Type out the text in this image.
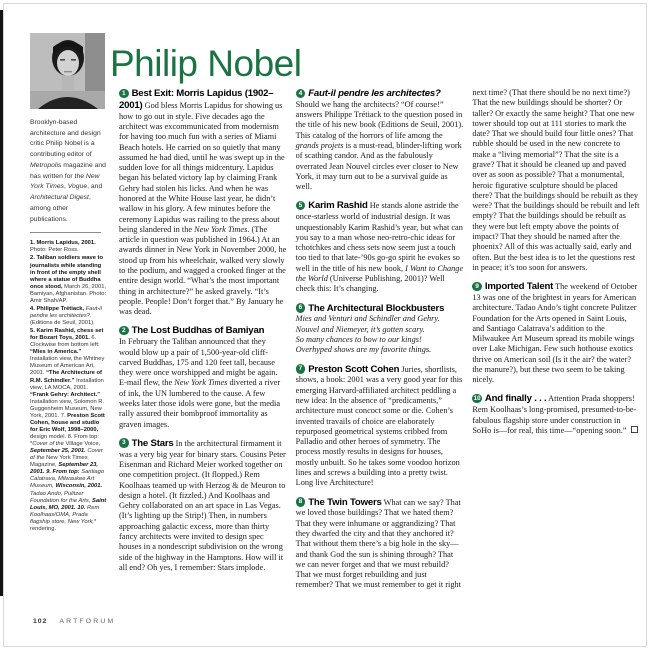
Philip Nobel

Brooklyn-based architecture and design critic Philip Nobel is a contributing editor of Metropolis magazine and has written for the New York Times, Vogue, and Architectural Digest, among other publications.

1. Morris Lapidus, 2001. Photo: Peter Ross.

2. Taliban soldiers wave to journalists while standing in front of the empty shell where a statue of Buddha once stood, March 26, 2001, Bamiyan, Afghanistan. Photo: Amir Shah/AP.

4. Philippe Trétiack, Faut-il pendre les architectes?. (Editions de Seuil, 2001).

5. Karim Rashid, chess set for Bozart Toys, 2001. 6. Clockwise from bottom left: “Mies in America.” Installation view, the Whitney Museum of American Art, 2001. “The Architecture of R.M. Schindler.” Installation view, LA MOCA, 2001. “Frank Gehry: Architect.” Installation view, Solomon R. Guggenheim Museum, New York, 2001. 7. Preston Scott Cohen, house and studio for Eric Wolf, 1998–2000, design model. 8. From top: *Cover of the Village Voice, September 25, 2001. Cover of the New York Times Magazine, September 23, 2001. 9. From top: Santiago Calatrava, Milwaukee Art Museum, Wisconsin, 2001. Tadao Ando, Pulitzer Foundation for the Arts, Saint Louis, MO, 2001. 10. Rem Koolhaas/OMA, Prada flagship store, New York,* rendering.

1 Best Exit: Morris Lapidus (1902–2001) God bless Morris Lapidus for showing us how to go out in style. Five decades ago the architect was excommunicated from modernism for having too much fun with a series of Miami Beach hotels. He carried on so quietly that many assumed he had died, until he was swept up in the sudden love for all things midcentury. Lapidus began his belated victory lap by claiming Frank Gehry had stolen his licks. And when he was honored at the White House last year, he didn’t wallow in his glory. A few minutes before the ceremony Lapidus was railing to the press about being slandered in the New York Times. (The article in question was published in 1964.) At an awards dinner in New York in November 2000, he stood up from his wheelchair, walked very slowly to the podium, and wagged a crooked finger at the entire design world. “What’s the most important thing in architecture?” he asked gravely. “It’s people. People! Don’t forget that.” By January he was dead.

2 The Lost Buddhas of Bamiyan

In February the Taliban announced that they would blow up a pair of 1,500-year-old cliff-carved Buddhas, 175 and 120 feet tall, because they were once worshipped and might be again. E-mail flew, the New York Times diverted a river of ink, the UN lumbered to the cause. A few weeks later those idols were gone, but the media rally assured their bombproof immortality as graven images.

3 The Stars In the architectural firmament it was a very big year for binary stars. Cousins Peter Eisenman and Richard Meier worked together on one competition project. (It flopped.) Rem Koolhaas teamed up with Herzog & de Meuron to design a hotel. (It fizzled.) And Koolhaas and Gehry collaborated on an art space in Las Vegas. (It’s lighting up the Strip!) Then, in numbers approaching galactic excess, more than thirty fancy architects were invited to design spec houses in a nondescript subdivision on the wrong side of the highway in the Hamptons. How will it all end? Oh yes, I remember: Stars implode.

4 Faut-il pendre les architectes?

Should we hang the architects? “Of course!” answers Philippe Trétiack to the question posed in the title of his new book (Editions de Seuil, 2001). This catalog of the horrors of life among the grands projets is a must-read, blinder-lifting work of scathing candor. And as the fabulously overrated Jean Nouvel circles ever closer to New York, it may turn out to be a survival guide as well.

5 Karim Rashid He stands alone astride the once-starless world of industrial design. It was unquestionably Karim Rashid’s year, but what can you say to a man whose neo-retro-chic ideas for tchotchkes and chess sets now seem just a touch too tied to that late-’90s go-go spirit he evokes so well in the title of his new book, I Want to Change the World (Universe Publishing, 2001)? Well check this: It’s changing.

6 The Architectural Blockbusters

Mies and Venturi and Schindler and Gehry.
Nouvel and Niemeyer, it’s gotten scary.
So many chances to bow to our kings!
Overhyped shows are my favorite things.

7 Preston Scott Cohen Juries, shortlists, shows, a book: 2001 was a very good year for this emerging Harvard-affiliated architect peddling a new idea: In the absence of “predicaments,” architecture must concoct some or die. Cohen’s invented travails of choice are elaborately repurposed geometrical systems cribbed from Palladio and other heroes of symmetry. The process mostly results in designs for houses, mostly unbuilt. So he takes some voodoo horizon lines and screws a building into a pretty twist. Long live Architecture!

8 The Twin Towers What can we say? That we loved those buildings? That we hated them? That they were inhumane or aggrandizing? That they dwarfed the city and that they anchored it? That without them there’s a big hole in the sky—and thank God the sun is shining through? That we can never forget and that we must rebuild? That we must forget rebuilding and just remember? That we must remember to get it right next time? (That there should be no next time?) That the new buildings should be shorter? Or taller? Or exactly the same height? That one new tower should top out at 111 stories to mark the date? That we should build four little ones? That rubble should be used in the new concrete to make a “living memorial”? That the site is a grave? That it should be cleaned up and paved over as soon as possible? That a monumental, heroic figurative sculpture should be placed there? That the buildings should be rebuilt as they were? That the buildings should be rebuilt and left empty? That the buildings should be rebuilt as they were but left empty above the points of impact? That they should be named after the phoenix? All of this was actually said, early and often. But the best idea is to let the questions rest in peace; it’s too soon for answers.

9 Imported Talent The weekend of October 13 was one of the brightest in years for American architecture. Tadao Ando’s tight concrete Pulitzer Foundation for the Arts opened in Saint Louis, and Santiago Calatrava’s addition to the Milwaukee Art Museum spread its mobile wings over Lake Michigan. Few such hothouse exotics thrive on American soil (Is it the air? the water? the manure?), but these two seem to be taking nicely.

10 And finally . . . Attention Prada shoppers! Rem Koolhaas’s long-promised, presumed-to-be-fabulous flagship store under construction in SoHo is—for real, this time—“opening soon.”

102 ARTFORUM
